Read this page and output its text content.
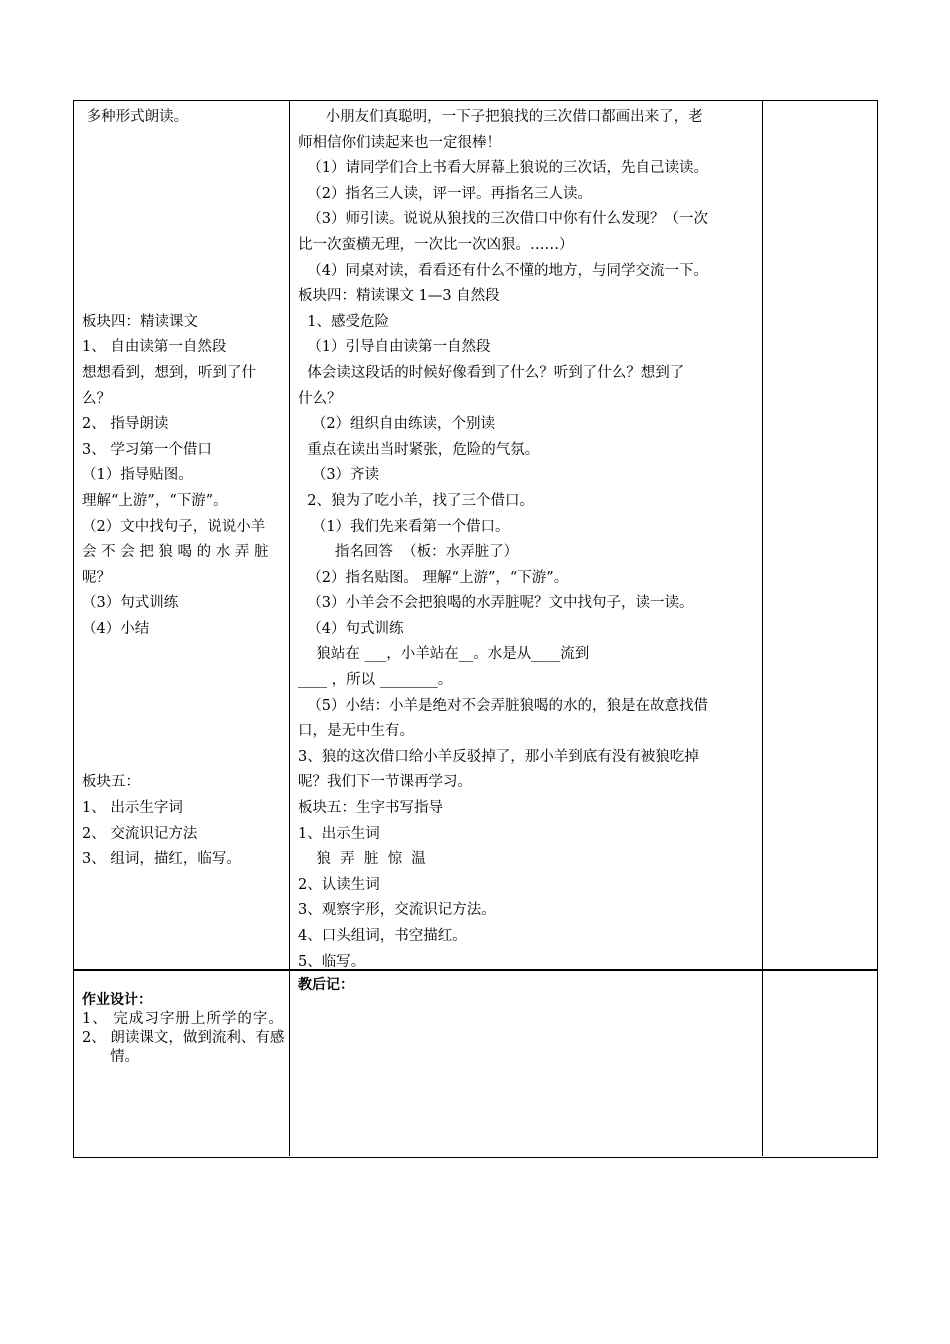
多种形式朗读。
板块四：精读课文
1、 自由读第一自然段
想想看到，想到，听到了什
么？
2、 指导朗读
3、 学习第一个借口
（1）指导贴图。
理解“上游”，“下游”。
（2）文中找句子，说说小羊
会 不 会 把 狼 喝 的 水 弄 脏
呢？
（3）句式训练
（4）小结
板块五：
1、 出示生字词
2、 交流识记方法
3、 组词，描红，临写。
小朋友们真聪明，一下子把狼找的三次借口都画出来了，老
师相信你们读起来也一定很棒！
（1）请同学们合上书看大屏幕上狼说的三次话，先自己读读。
（2）指名三人读，评一评。再指名三人读。
（3）师引读。说说从狼找的三次借口中你有什么发现？（一次
比一次蛮横无理，一次比一次凶狠。……）
（4）同桌对读，看看还有什么不懂的地方，与同学交流一下。
板块四：精读课文 1—3 自然段
1、感受危险
（1）引导自由读第一自然段
体会读这段话的时候好像看到了什么？听到了什么？想到了
什么？
（2）组织自由练读，个别读
重点在读出当时紧张，危险的气氛。
（3）齐读
2、狼为了吃小羊，找了三个借口。
（1）我们先来看第一个借口。
指名回答  （板：水弄脏了）
（2）指名贴图。 理解“上游”，“下游”。
（3）小羊会不会把狼喝的水弄脏呢？文中找句子，读一读。
（4）句式训练
狼站在 ___，小羊站在__。水是从____流到
____ ，所以 ________。
（5）小结：小羊是绝对不会弄脏狼喝的水的，狼是在故意找借
口，是无中生有。
3、狼的这次借口给小羊反驳掉了，那小羊到底有没有被狼吃掉
呢？我们下一节课再学习。
板块五：生字书写指导
1、出示生词
狼  弄  脏  惊  温
2、认读生词
3、观察字形，交流识记方法。
4、口头组词，书空描红。
5、临写。
作业设计：
1、 完成习字册上所学的字。
2、 朗读课文，做到流利、有感情。
教后记：
